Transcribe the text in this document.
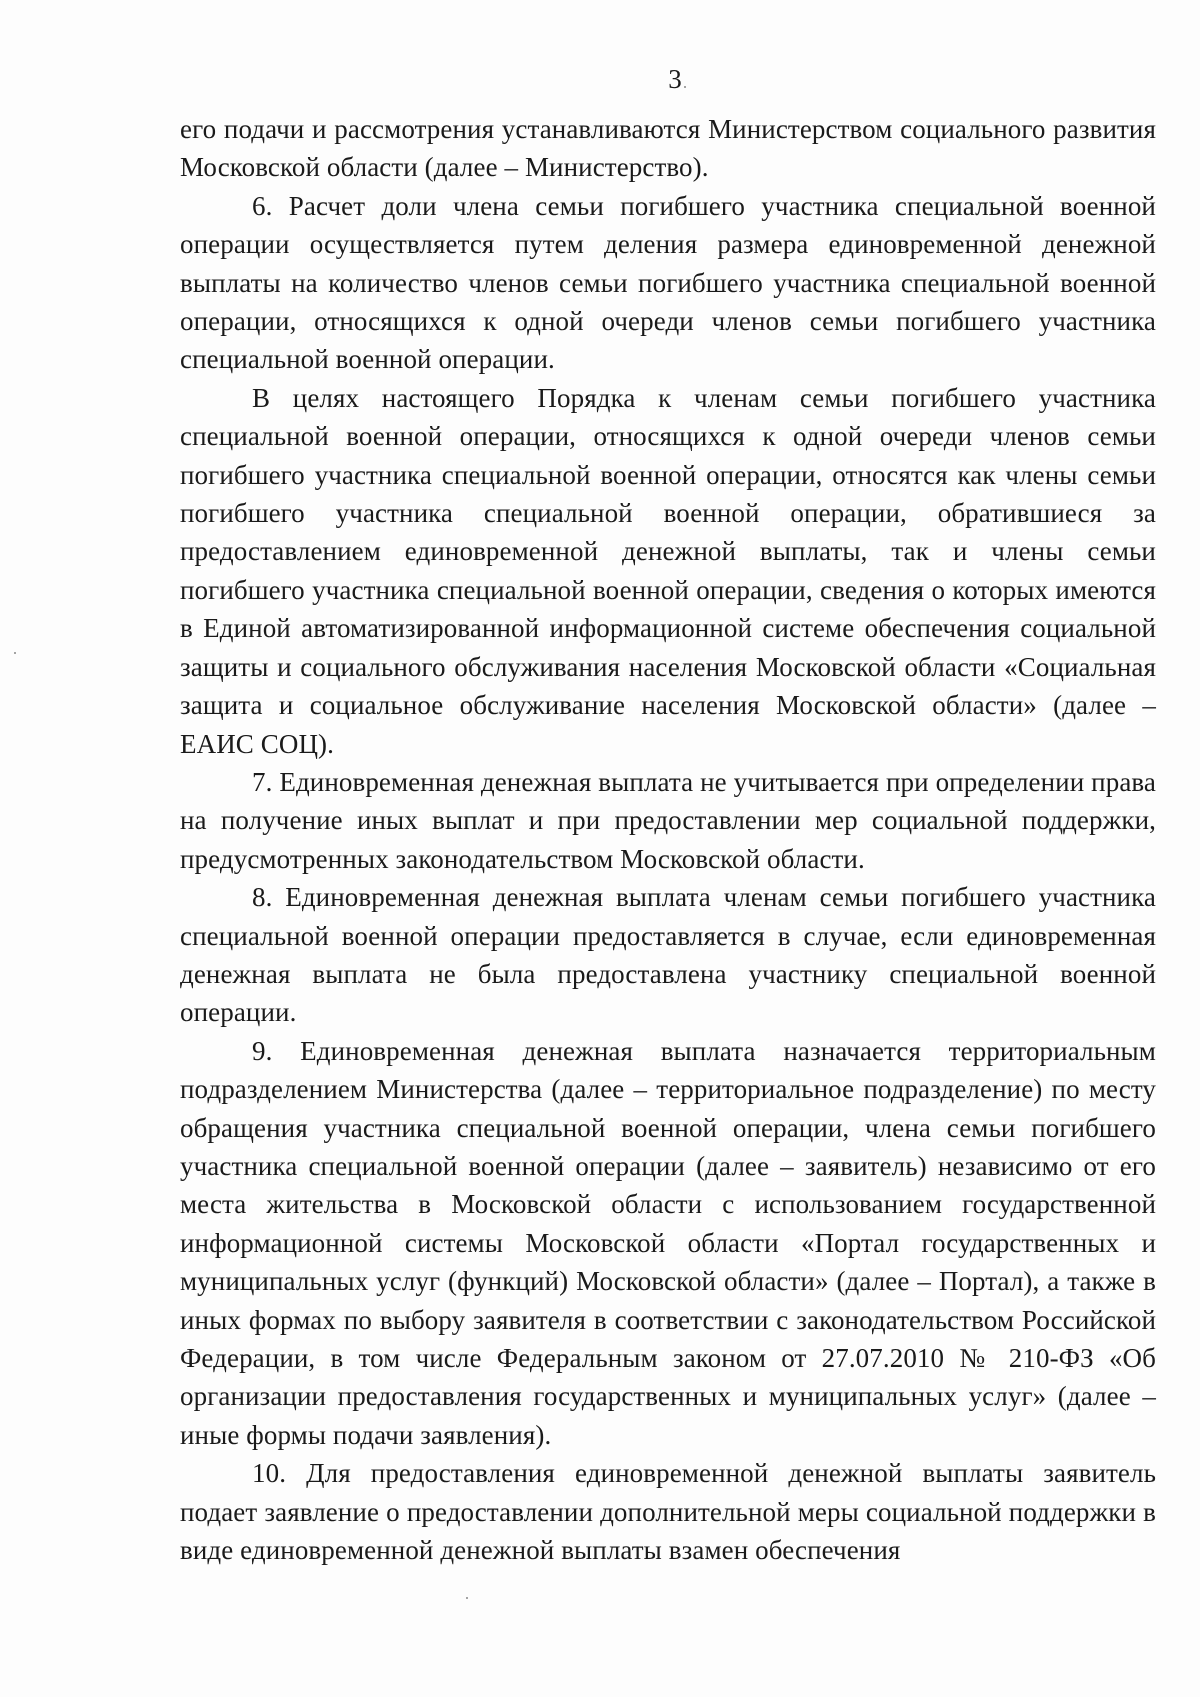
3

его подачи и рассмотрения устанавливаются Министерством социального развития Московской области (далее – Министерство).

6. Расчет доли члена семьи погибшего участника специальной военной операции осуществляется путем деления размера единовременной денежной выплаты на количество членов семьи погибшего участника специальной военной операции, относящихся к одной очереди членов семьи погибшего участника специальной военной операции.

В целях настоящего Порядка к членам семьи погибшего участника специальной военной операции, относящихся к одной очереди членов семьи погибшего участника специальной военной операции, относятся как члены семьи погибшего участника специальной военной операции, обратившиеся за предоставлением единовременной денежной выплаты, так и члены семьи погибшего участника специальной военной операции, сведения о которых имеются в Единой автоматизированной информационной системе обеспечения социальной защиты и социального обслуживания населения Московской области «Социальная защита и социальное обслуживание населения Московской области» (далее – ЕАИС СОЦ).

7. Единовременная денежная выплата не учитывается при определении права на получение иных выплат и при предоставлении мер социальной поддержки, предусмотренных законодательством Московской области.

8. Единовременная денежная выплата членам семьи погибшего участника специальной военной операции предоставляется в случае, если единовременная денежная выплата не была предоставлена участнику специальной военной операции.

9. Единовременная денежная выплата назначается территориальным подразделением Министерства (далее – территориальное подразделение) по месту обращения участника специальной военной операции, члена семьи погибшего участника специальной военной операции (далее – заявитель) независимо от его места жительства в Московской области с использованием государственной информационной системы Московской области «Портал государственных и муниципальных услуг (функций) Московской области» (далее – Портал), а также в иных формах по выбору заявителя в соответствии с законодательством Российской Федерации, в том числе Федеральным законом от 27.07.2010 № 210-ФЗ «Об организации предоставления государственных и муниципальных услуг» (далее – иные формы подачи заявления).

10. Для предоставления единовременной денежной выплаты заявитель подает заявление о предоставлении дополнительной меры социальной поддержки в виде единовременной денежной выплаты взамен обеспечения
